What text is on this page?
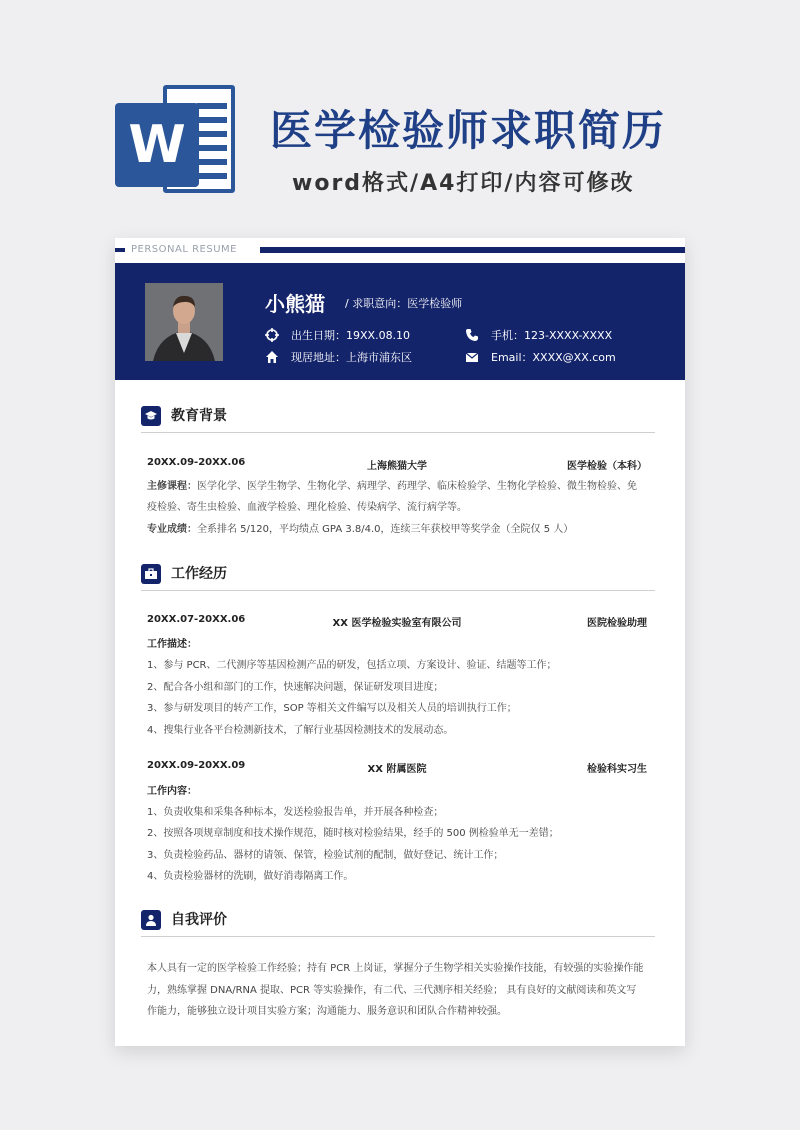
W	医学检验师求职简历
word格式/A4打印/内容可修改
PERSONAL RESUME
小熊猫 / 求职意向：医学检验师
出生日期：19XX.08.10
现居地址：上海市浦东区
手机：123-XXXX-XXXX
Email：XXXX@XX.com
教育背景
20XX.09-20XX.06	上海熊猫大学	医学检验（本科）
主修课程：医学化学、医学生物学、生物化学、病理学、药理学、临床检验学、生物化学检验、微生物检验、免
疫检验、寄生虫检验、血液学检验、理化检验、传染病学、流行病学等。
专业成绩：全系排名 5/120，平均绩点 GPA 3.8/4.0，连续三年获校甲等奖学金（全院仅 5 人）
工作经历
20XX.07-20XX.06	XX 医学检验实验室有限公司	医院检验助理
工作描述：
1、参与 PCR、二代测序等基因检测产品的研发，包括立项、方案设计、验证、结题等工作；
2、配合各小组和部门的工作，快速解决问题，保证研发项目进度；
3、参与研发项目的转产工作，SOP 等相关文件编写以及相关人员的培训执行工作；
4、搜集行业各平台检测新技术，了解行业基因检测技术的发展动态。
20XX.09-20XX.09	XX 附属医院	检验科实习生
工作内容：
1、负责收集和采集各种标本，发送检验报告单，并开展各种检查；
2、按照各项规章制度和技术操作规范，随时核对检验结果，经手的 500 例检验单无一差错；
3、负责检验药品、器材的请领、保管，检验试剂的配制，做好登记、统计工作；
4、负责检验器材的洗刷，做好消毒隔离工作。
自我评价
本人具有一定的医学检验工作经验；持有 PCR 上岗证，掌握分子生物学相关实验操作技能，有较强的实验操作能
力，熟练掌握 DNA/RNA 提取、PCR 等实验操作，有二代、三代测序相关经验； 具有良好的文献阅读和英文写
作能力，能够独立设计项目实验方案；沟通能力、服务意识和团队合作精神较强。
